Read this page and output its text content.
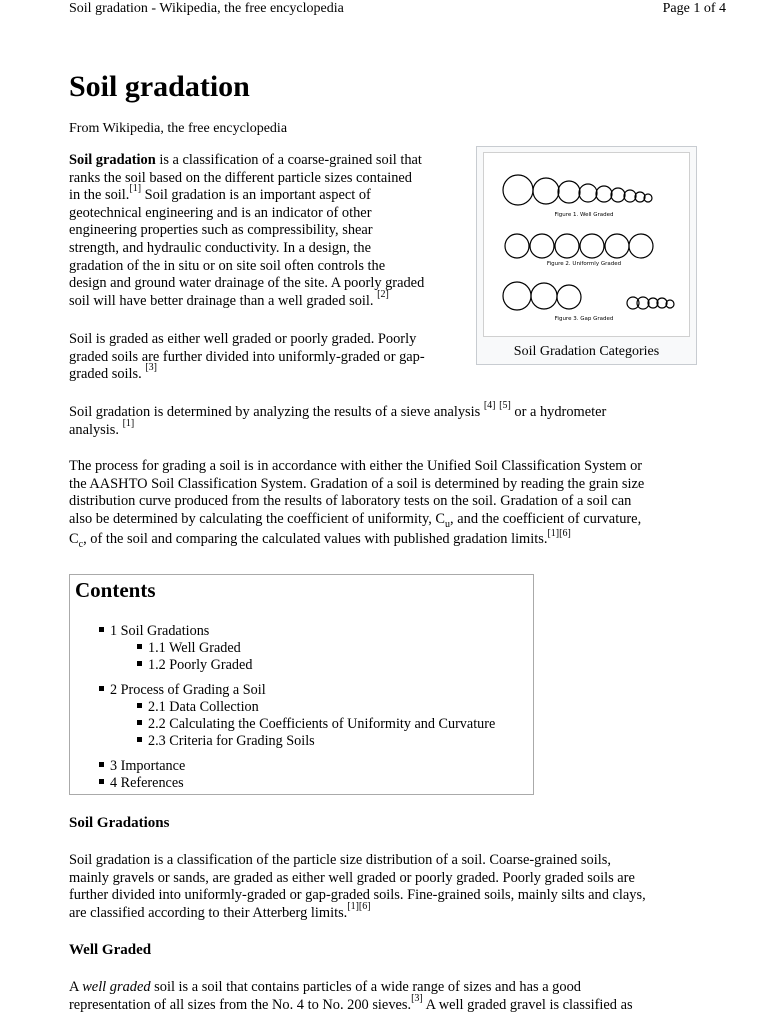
Soil gradation - Wikipedia, the free encyclopedia	Page 1 of 4
Soil gradation
From Wikipedia, the free encyclopedia
Soil gradation is a classification of a coarse-grained soil that
ranks the soil based on the different particle sizes contained
in the soil.[1] Soil gradation is an important aspect of
geotechnical engineering and is an indicator of other
engineering properties such as compressibility, shear
strength, and hydraulic conductivity. In a design, the
gradation of the in situ or on site soil often controls the
design and ground water drainage of the site. A poorly graded
soil will have better drainage than a well graded soil. [2]
Figure 1. Well Graded
Figure 2. Uniformly Graded
Figure 3. Gap Graded
Soil Gradation Categories
Soil is graded as either well graded or poorly graded. Poorly
graded soils are further divided into uniformly-graded or gap-
graded soils. [3]
Soil gradation is determined by analyzing the results of a sieve analysis [4] [5] or a hydrometer
analysis. [1]
The process for grading a soil is in accordance with either the Unified Soil Classification System or
the AASHTO Soil Classification System. Gradation of a soil is determined by reading the grain size
distribution curve produced from the results of laboratory tests on the soil. Gradation of a soil can
also be determined by calculating the coefficient of uniformity, $C_u$, and the coefficient of curvature,
$C_c$, of the soil and comparing the calculated values with published gradation limits.[1][6]
Contents
1 Soil Gradations
1.1 Well Graded
1.2 Poorly Graded
2 Process of Grading a Soil
2.1 Data Collection
2.2 Calculating the Coefficients of Uniformity and Curvature
2.3 Criteria for Grading Soils
3 Importance
4 References
Soil Gradations
Soil gradation is a classification of the particle size distribution of a soil. Coarse-grained soils,
mainly gravels or sands, are graded as either well graded or poorly graded. Poorly graded soils are
further divided into uniformly-graded or gap-graded soils. Fine-grained soils, mainly silts and clays,
are classified according to their Atterberg limits.[1][6]
Well Graded
A well graded soil is a soil that contains particles of a wide range of sizes and has a good
representation of all sizes from the No. 4 to No. 200 sieves.[3] A well graded gravel is classified as
